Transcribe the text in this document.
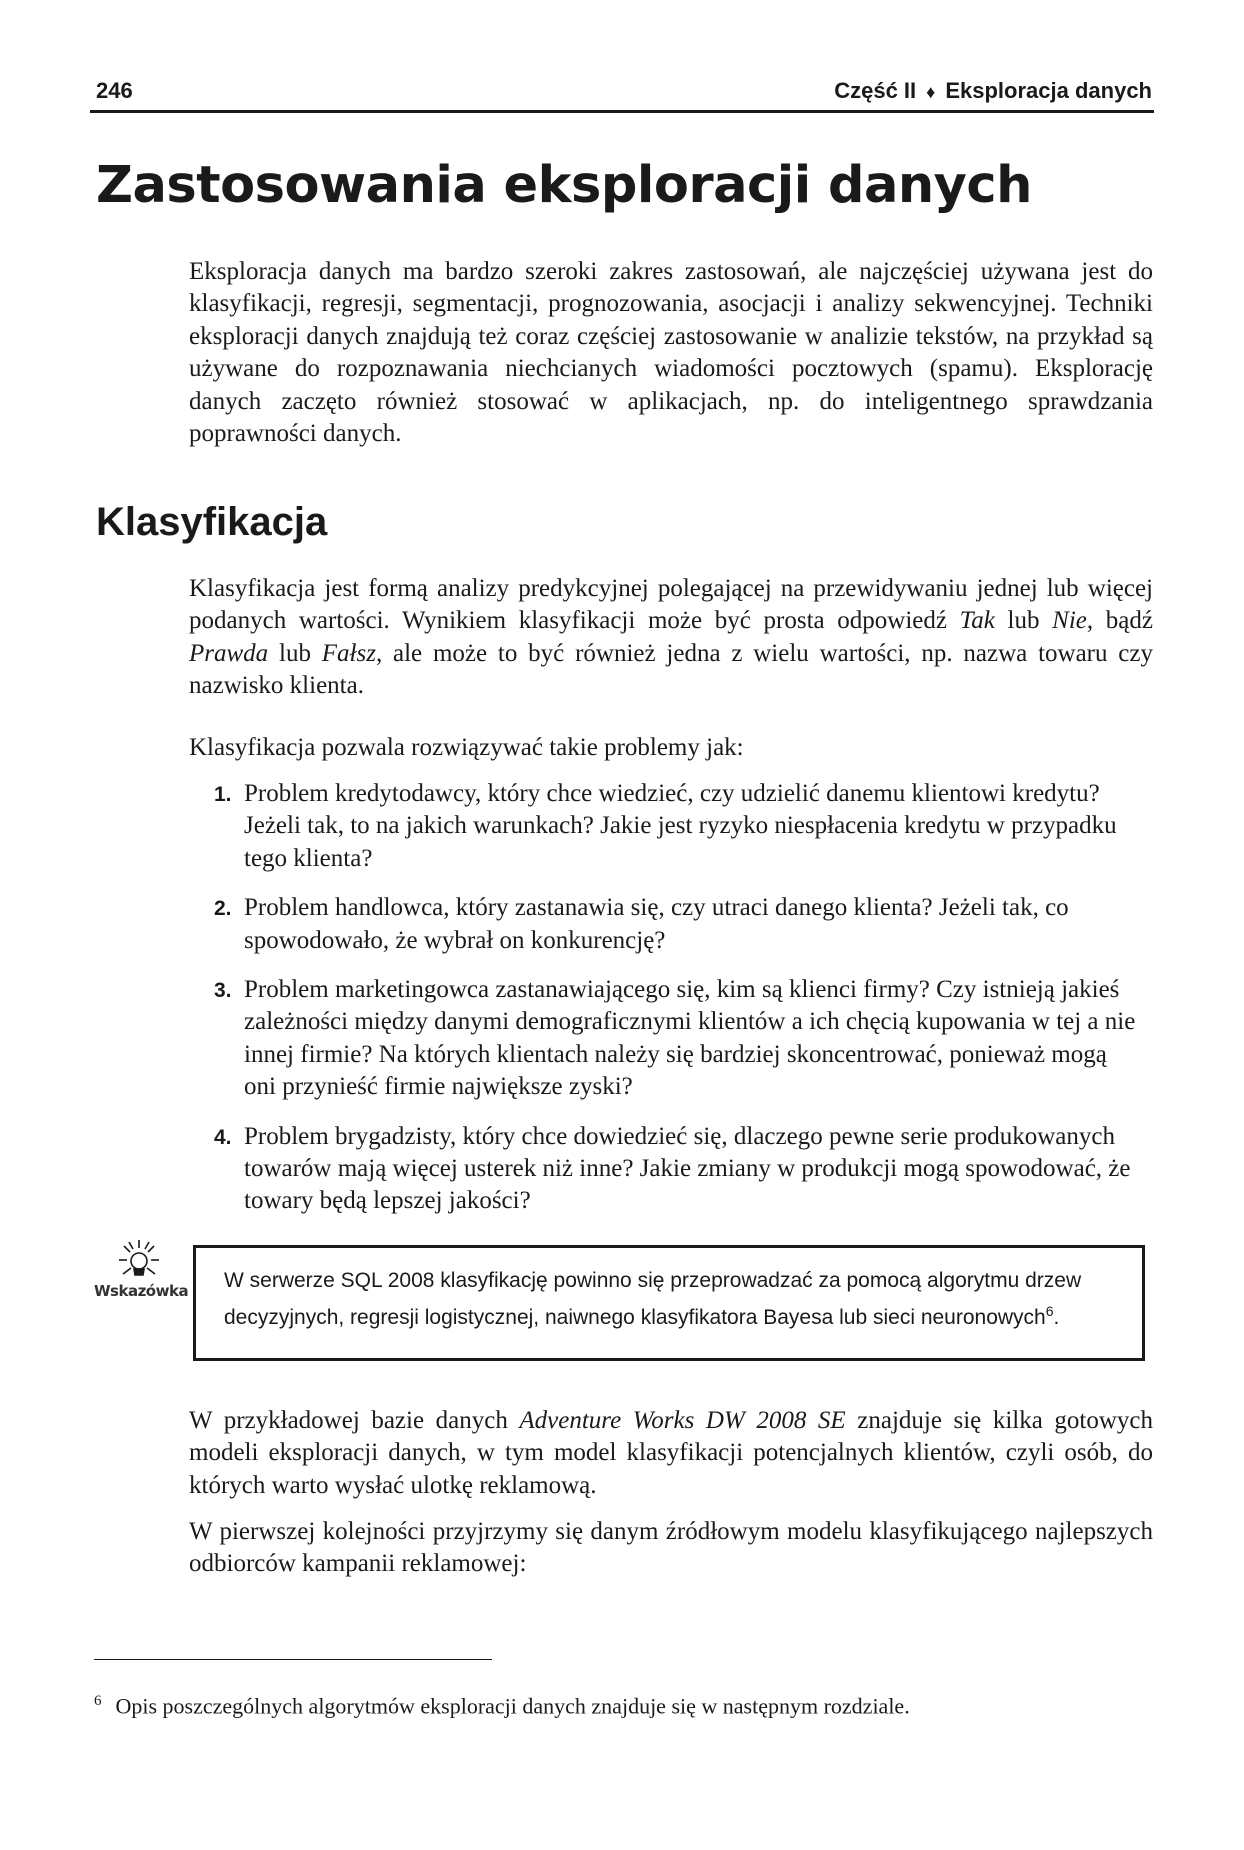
246	Część II ♦ Eksploracja danych
Zastosowania eksploracji danych

Eksploracja danych ma bardzo szeroki zakres zastosowań, ale najczęściej używana jest do klasyfikacji, regresji, segmentacji, prognozowania, asocjacji i analizy sekwencyjnej. Techniki eksploracji danych znajdują też coraz częściej zastosowanie w analizie tekstów, na przykład są używane do rozpoznawania niechcianych wiadomości pocztowych (spamu). Eksplorację danych zaczęto również stosować w aplikacjach, np. do inteligentnego sprawdzania poprawności danych.

Klasyfikacja

Klasyfikacja jest formą analizy predykcyjnej polegającej na przewidywaniu jednej lub więcej podanych wartości. Wynikiem klasyfikacji może być prosta odpowiedź Tak lub Nie, bądź Prawda lub Fałsz, ale może to być również jedna z wielu wartości, np. nazwa towaru czy nazwisko klienta.

Klasyfikacja pozwala rozwiązywać takie problemy jak:

1. Problem kredytodawcy, który chce wiedzieć, czy udzielić danemu klientowi kredytu? Jeżeli tak, to na jakich warunkach? Jakie jest ryzyko niespłacenia kredytu w przypadku tego klienta?
2. Problem handlowca, który zastanawia się, czy utraci danego klienta? Jeżeli tak, co spowodowało, że wybrał on konkurencję?
3. Problem marketingowca zastanawiającego się, kim są klienci firmy? Czy istnieją jakieś zależności między danymi demograficznymi klientów a ich chęcią kupowania w tej a nie innej firmie? Na których klientach należy się bardziej skoncentrować, ponieważ mogą oni przynieść firmie największe zyski?
4. Problem brygadzisty, który chce dowiedzieć się, dlaczego pewne serie produkowanych towarów mają więcej usterek niż inne? Jakie zmiany w produkcji mogą spowodować, że towary będą lepszej jakości?
Wskazówka	W serwerze SQL 2008 klasyfikację powinno się przeprowadzać za pomocą algorytmu drzew decyzyjnych, regresji logistycznej, naiwnego klasyfikatora Bayesa lub sieci neuronowych$^6$.

W przykładowej bazie danych Adventure Works DW 2008 SE znajduje się kilka gotowych modeli eksploracji danych, w tym model klasyfikacji potencjalnych klientów, czyli osób, do których warto wysłać ulotkę reklamową.

W pierwszej kolejności przyjrzymy się danym źródłowym modelu klasyfikującego najlepszych odbiorców kampanii reklamowej:

$^6$ Opis poszczególnych algorytmów eksploracji danych znajduje się w następnym rozdziale.
